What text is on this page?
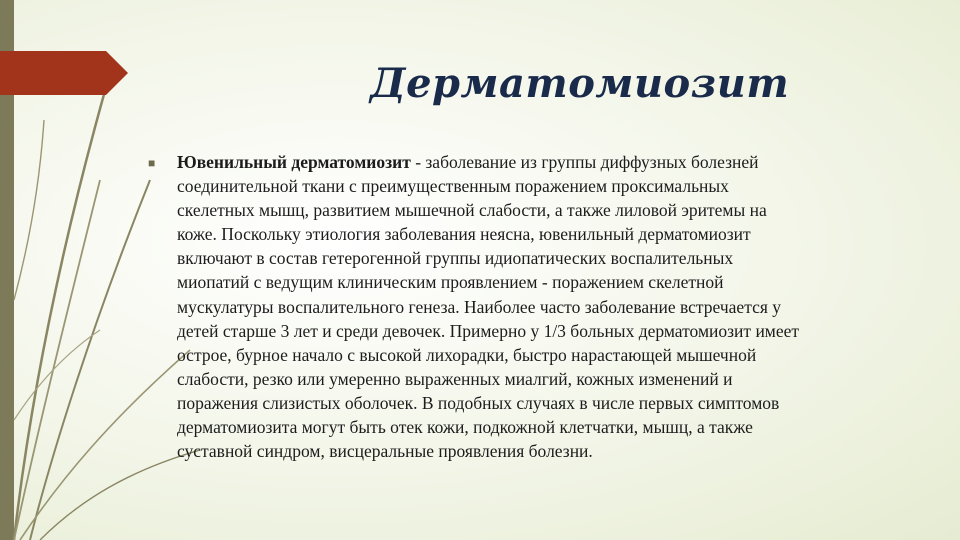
Дерматомиозит
■ Ювенильный дерматомиозит - заболевание из группы диффузных болезней
соединительной ткани с преимущественным поражением проксимальных
скелетных мышц, развитием мышечной слабости, а также лиловой эритемы на
коже. Поскольку этиология заболевания неясна, ювенильный дерматомиозит
включают в состав гетерогенной группы идиопатических воспалительных
миопатий с ведущим клиническим проявлением - поражением скелетной
мускулатуры воспалительного генеза. Наиболее часто заболевание встречается у
детей старше 3 лет и среди девочек. Примерно у 1/3 больных дерматомиозит имеет
острое, бурное начало с высокой лихорадки, быстро нарастающей мышечной
слабости, резко или умеренно выраженных миалгий, кожных изменений и
поражения слизистых оболочек. В подобных случаях в числе первых симптомов
дерматомиозита могут быть отек кожи, подкожной клетчатки, мышц, а также
суставной синдром, висцеральные проявления болезни.
